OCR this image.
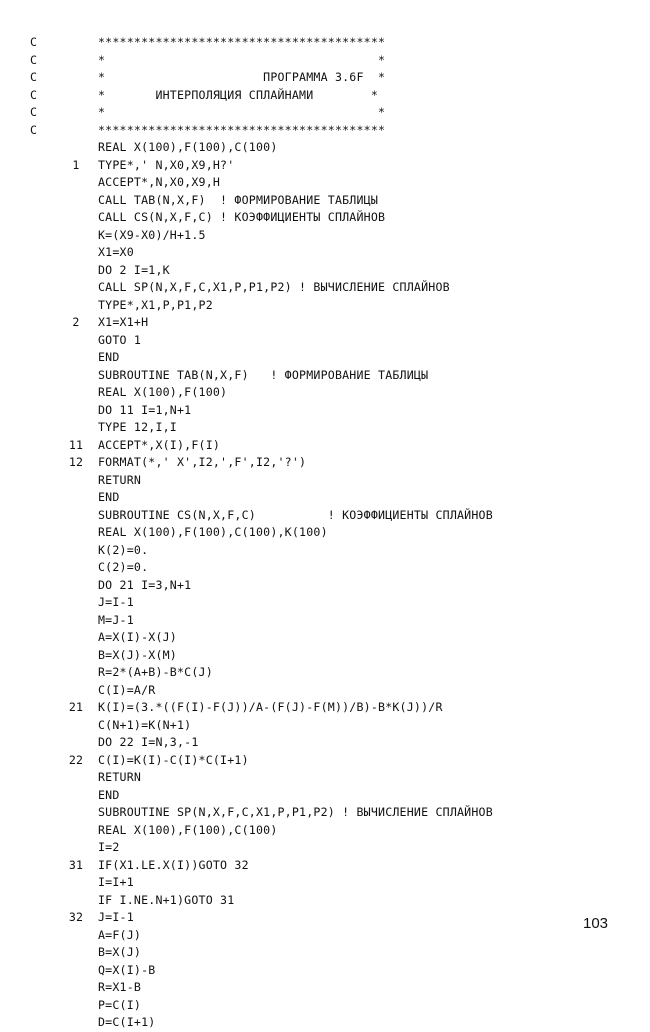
C	****************************************
C	*                                      *
C	*                      ПРОГРАММА 3.6F  *
C	*       ИНТЕРПОЛЯЦИЯ СПЛАЙНАМИ        *
C	*                                      *
C	****************************************
REAL X(100),F(100),C(100)
1	TYPE*,' N,X0,X9,H?'
ACCEPT*,N,X0,X9,H
CALL TAB(N,X,F)  ! ФОРМИРОВАНИЕ ТАБЛИЦЫ
CALL CS(N,X,F,C) ! КОЭФФИЦИЕНТЫ СПЛАЙНОВ
K=(X9-X0)/H+1.5
X1=X0
DO 2 I=1,K
CALL SP(N,X,F,C,X1,P,P1,P2) ! ВЫЧИСЛЕНИЕ СПЛАЙНОВ
TYPE*,X1,P,P1,P2
2	X1=X1+H
GOTO 1
END
SUBROUTINE TAB(N,X,F)   ! ФОРМИРОВАНИЕ ТАБЛИЦЫ
REAL X(100),F(100)
DO 11 I=1,N+1
TYPE 12,I,I
11	ACCEPT*,X(I),F(I)
12	FORMAT(*,' X',I2,',F',I2,'?')
RETURN
END
SUBROUTINE CS(N,X,F,C)          ! КОЭФФИЦИЕНТЫ СПЛАЙНОВ
REAL X(100),F(100),C(100),K(100)
K(2)=0.
C(2)=0.
DO 21 I=3,N+1
J=I-1
M=J-1
A=X(I)-X(J)
B=X(J)-X(M)
R=2*(A+B)-B*C(J)
C(I)=A/R
21	K(I)=(3.*((F(I)-F(J))/A-(F(J)-F(M))/B)-B*K(J))/R
C(N+1)=K(N+1)
DO 22 I=N,3,-1
22	C(I)=K(I)-C(I)*C(I+1)
RETURN
END
SUBROUTINE SP(N,X,F,C,X1,P,P1,P2) ! ВЫЧИСЛЕНИЕ СПЛАЙНОВ
REAL X(100),F(100),C(100)
I=2
31	IF(X1.LE.X(I))GOTO 32
I=I+1
IF I.NE.N+1)GOTO 31
32	J=I-1
A=F(J)
B=X(J)
Q=X(I)-B
R=X1-B
P=C(I)
D=C(I+1)
103
